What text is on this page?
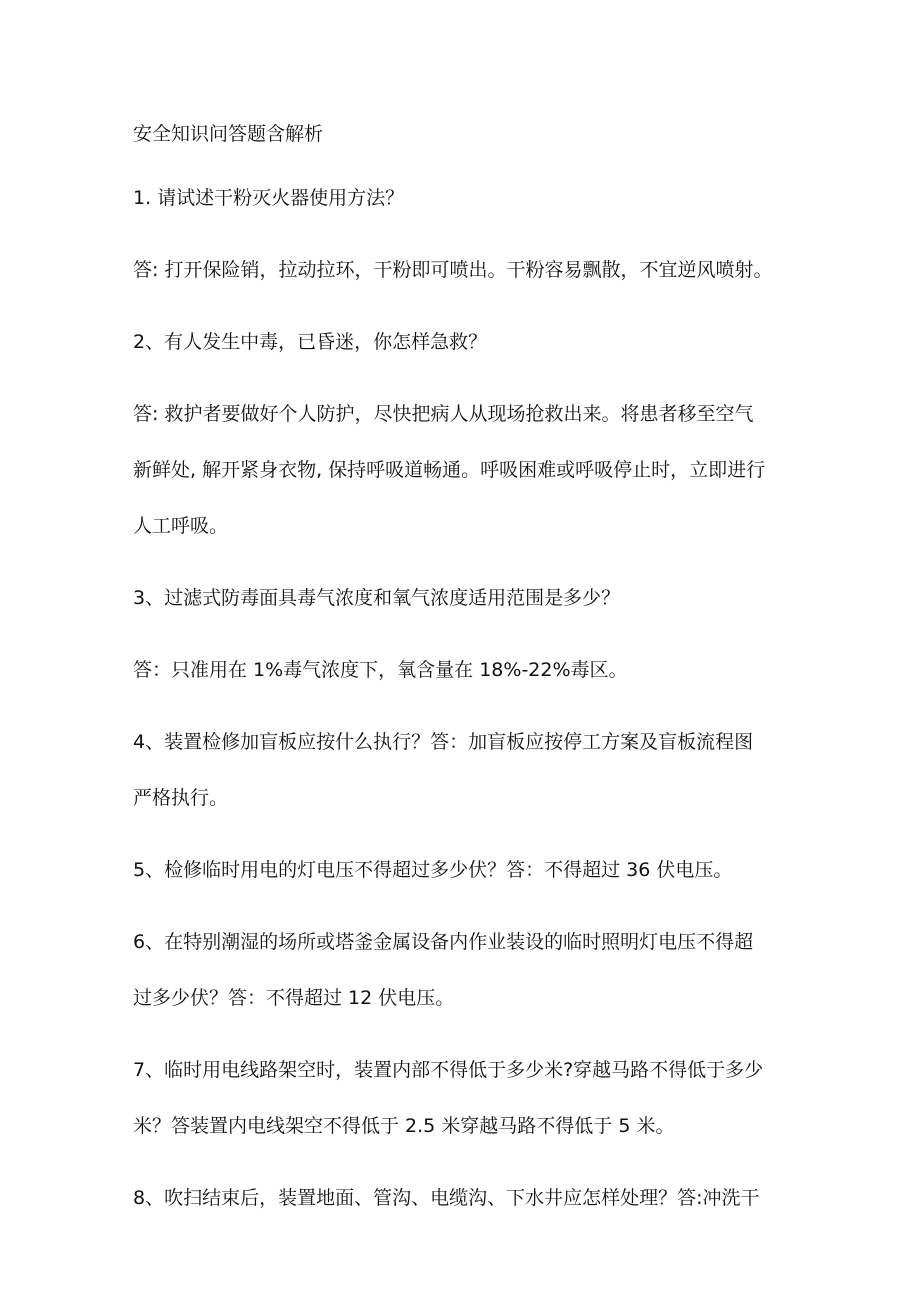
安全知识问答题含解析
1. 请试述干粉灭火器使用方法？
答: 打开保险销，拉动拉环，干粉即可喷出。干粉容易飘散，不宜逆风喷射。
2、有人发生中毒，已昏迷，你怎样急救？
答: 救护者要做好个人防护，尽快把病人从现场抢救出来。将患者移至空气
新鲜处, 解开紧身衣物, 保持呼吸道畅通。呼吸困难或呼吸停止时，立即进行
人工呼吸。
3、过滤式防毒面具毒气浓度和氧气浓度适用范围是多少？
答：只准用在 1%毒气浓度下，氧含量在 18%-22%毒区。
4、装置检修加盲板应按什么执行？答：加盲板应按停工方案及盲板流程图
严格执行。
5、检修临时用电的灯电压不得超过多少伏？答：不得超过 36 伏电压。
6、在特别潮湿的场所或塔釜金属设备内作业装设的临时照明灯电压不得超
过多少伏？答：不得超过 12 伏电压。
7、临时用电线路架空时，装置内部不得低于多少米?穿越马路不得低于多少
米？答装置内电线架空不得低于 2.5 米穿越马路不得低于 5 米。
8、吹扫结束后，装置地面、管沟、电缆沟、下水井应怎样处理？答:冲洗干
